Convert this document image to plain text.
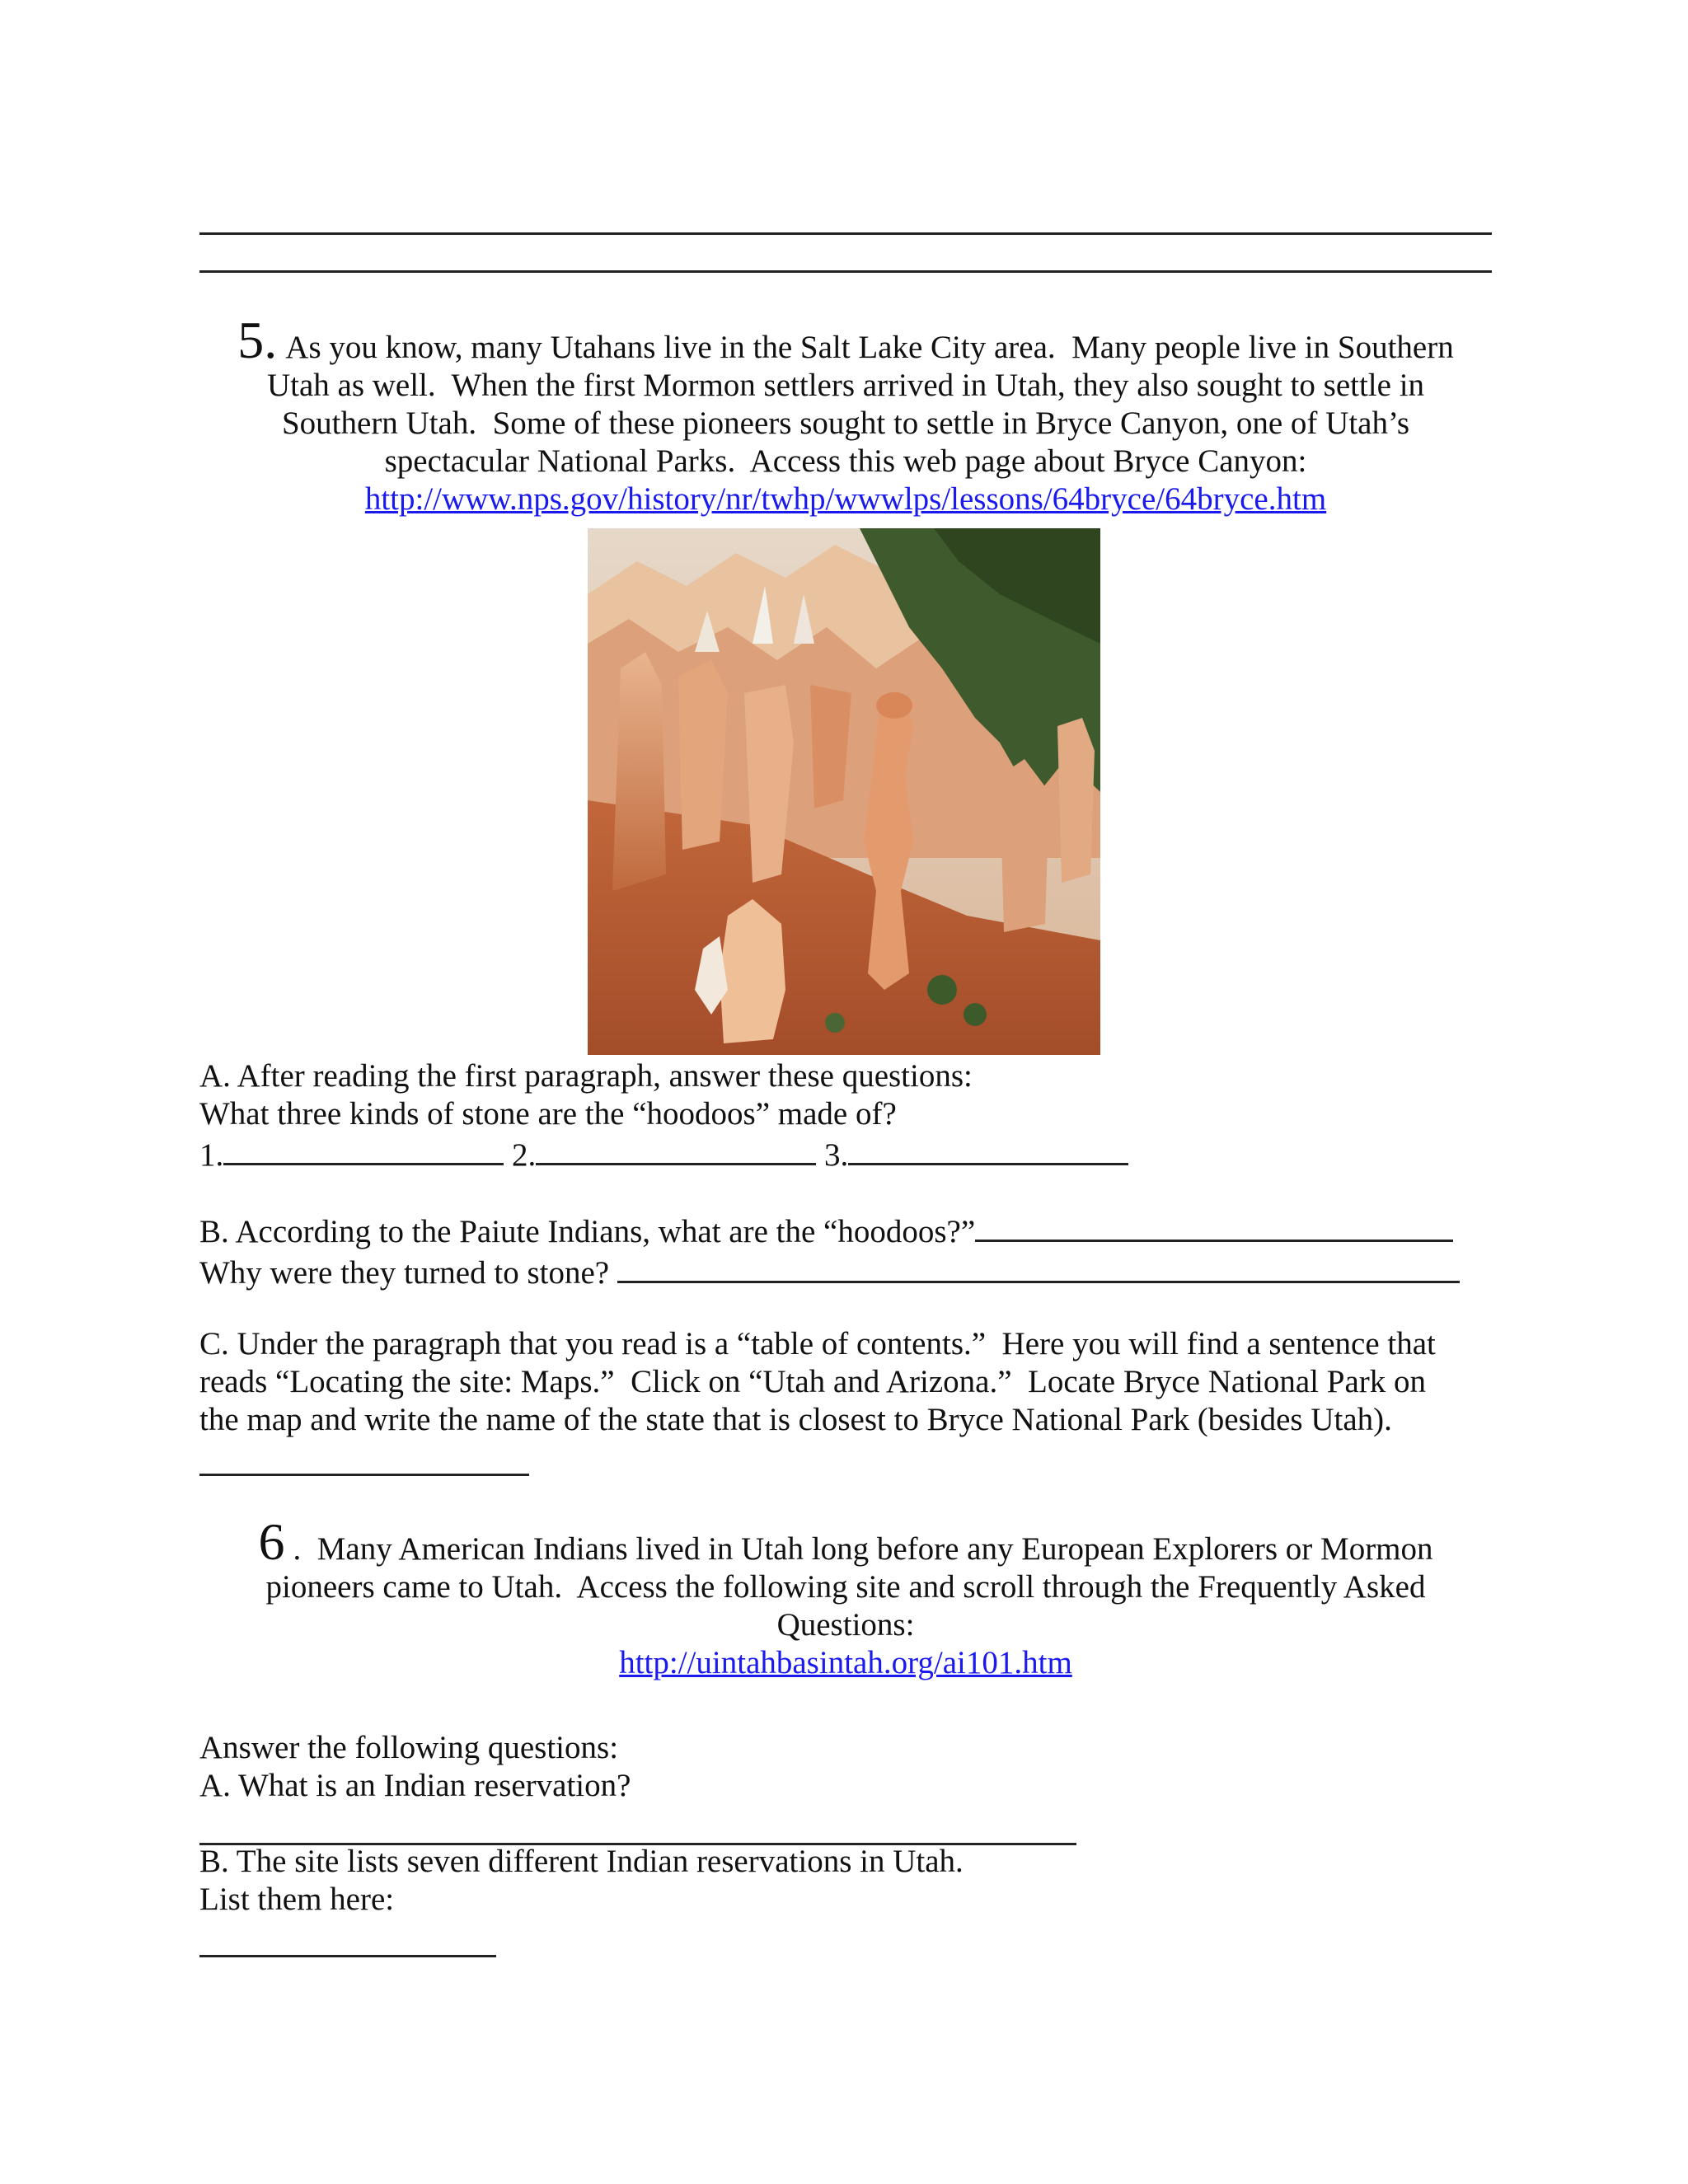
5. As you know, many Utahans live in the Salt Lake City area.  Many people live in Southern
Utah as well.  When the first Mormon settlers arrived in Utah, they also sought to settle in
Southern Utah.  Some of these pioneers sought to settle in Bryce Canyon, one of Utah’s
spectacular National Parks.  Access this web page about Bryce Canyon:
http://www.nps.gov/history/nr/twhp/wwwlps/lessons/64bryce/64bryce.htm
A. After reading the first paragraph, answer these questions:
What three kinds of stone are the “hoodoos” made of?
1.	2.	3.
B. According to the Paiute Indians, what are the “hoodoos?”
Why were they turned to stone?
C. Under the paragraph that you read is a “table of contents.”  Here you will find a sentence that
reads “Locating the site: Maps.”  Click on “Utah and Arizona.”  Locate Bryce National Park on
the map and write the name of the state that is closest to Bryce National Park (besides Utah).
6 .  Many American Indians lived in Utah long before any European Explorers or Mormon
pioneers came to Utah.  Access the following site and scroll through the Frequently Asked
Questions:
http://uintahbasintah.org/ai101.htm
Answer the following questions:
A. What is an Indian reservation?
B. The site lists seven different Indian reservations in Utah.
List them here:
